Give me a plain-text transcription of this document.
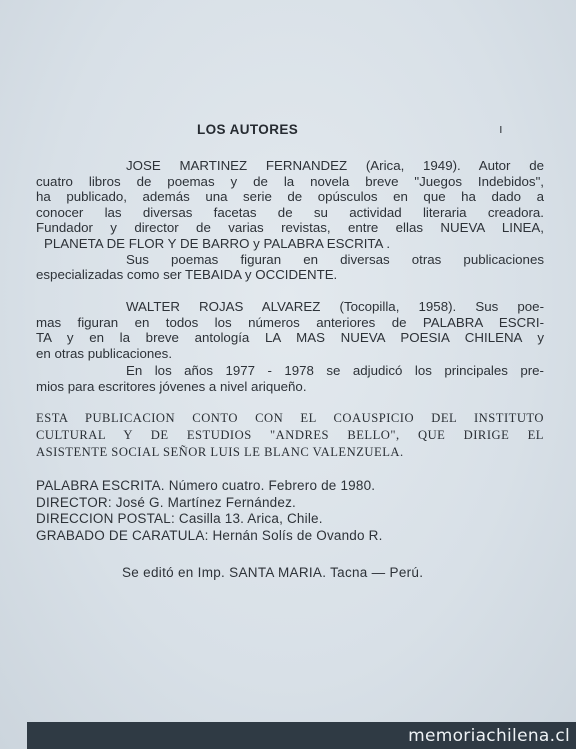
LOS AUTORES	ı
JOSE MARTINEZ FERNANDEZ (Arica, 1949). Autor de
cuatro libros de poemas y de la novela breve "Juegos Indebidos",
ha publicado, además una serie de opúsculos en que ha dado a
conocer las diversas facetas de su actividad literaria creadora.
Fundador y director de varias revistas, entre ellas NUEVA LINEA,
PLANETA DE FLOR Y DE BARRO y PALABRA ESCRITA .
Sus poemas figuran en diversas otras publicaciones
especializadas como ser TEBAIDA y OCCIDENTE.
WALTER ROJAS ALVAREZ (Tocopilla, 1958). Sus poe-
mas figuran en todos los números anteriores de PALABRA ESCRI-
TA y en la breve antología LA MAS NUEVA POESIA CHILENA y
en otras publicaciones.
En los años 1977 - 1978 se adjudicó los principales pre-
mios para escritores jóvenes a nivel ariqueño.
ESTA PUBLICACION CONTO CON EL COAUSPICIO DEL INSTITUTO
CULTURAL Y DE ESTUDIOS "ANDRES BELLO", QUE DIRIGE EL
ASISTENTE SOCIAL SEÑOR LUIS LE BLANC VALENZUELA.
PALABRA ESCRITA. Número cuatro. Febrero de 1980.
DIRECTOR: José G. Martínez Fernández.
DIRECCION POSTAL: Casilla 13. Arica, Chile.
GRABADO DE CARATULA: Hernán Solís de Ovando R.
Se editó en Imp. SANTA MARIA. Tacna — Perú.
memoriachilena.cl
